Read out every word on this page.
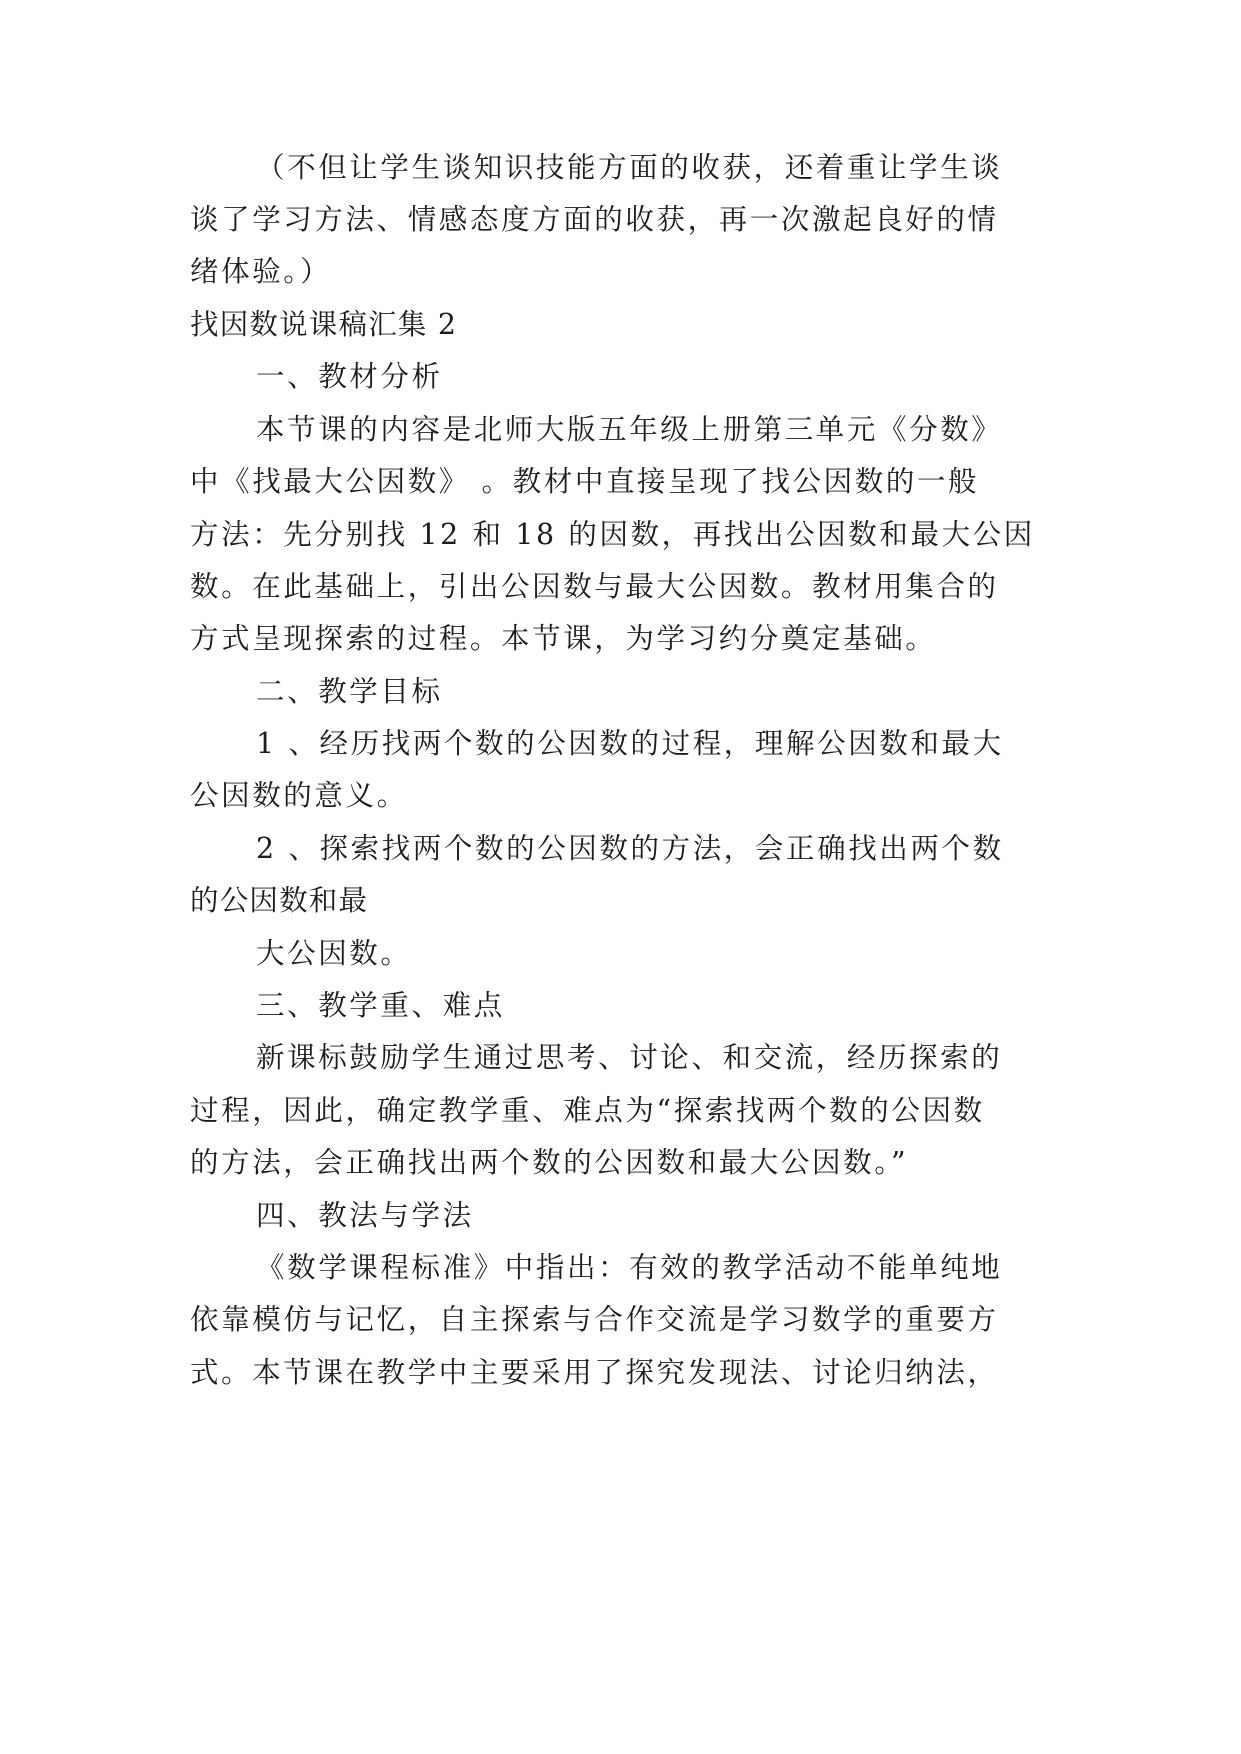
（不但让学生谈知识技能方面的收获，还着重让学生谈
谈了学习方法、情感态度方面的收获，再一次激起良好的情
绪体验。）
找因数说课稿汇集 2
一、教材分析
本节课的内容是北师大版五年级上册第三单元《分数》
中《找最大公因数》 。教材中直接呈现了找公因数的一般
方法：先分别找 12 和 18 的因数，再找出公因数和最大公因
数。在此基础上，引出公因数与最大公因数。教材用集合的
方式呈现探索的过程。本节课，为学习约分奠定基础。
二、教学目标
1 、经历找两个数的公因数的过程，理解公因数和最大
公因数的意义。
2 、探索找两个数的公因数的方法，会正确找出两个数
的公因数和最
大公因数。
三、教学重、难点
新课标鼓励学生通过思考、讨论、和交流，经历探索的
过程，因此，确定教学重、难点为“探索找两个数的公因数
的方法，会正确找出两个数的公因数和最大公因数。”
四、教法与学法
《数学课程标准》中指出：有效的教学活动不能单纯地
依靠模仿与记忆，自主探索与合作交流是学习数学的重要方
式。本节课在教学中主要采用了探究发现法、讨论归纳法，
